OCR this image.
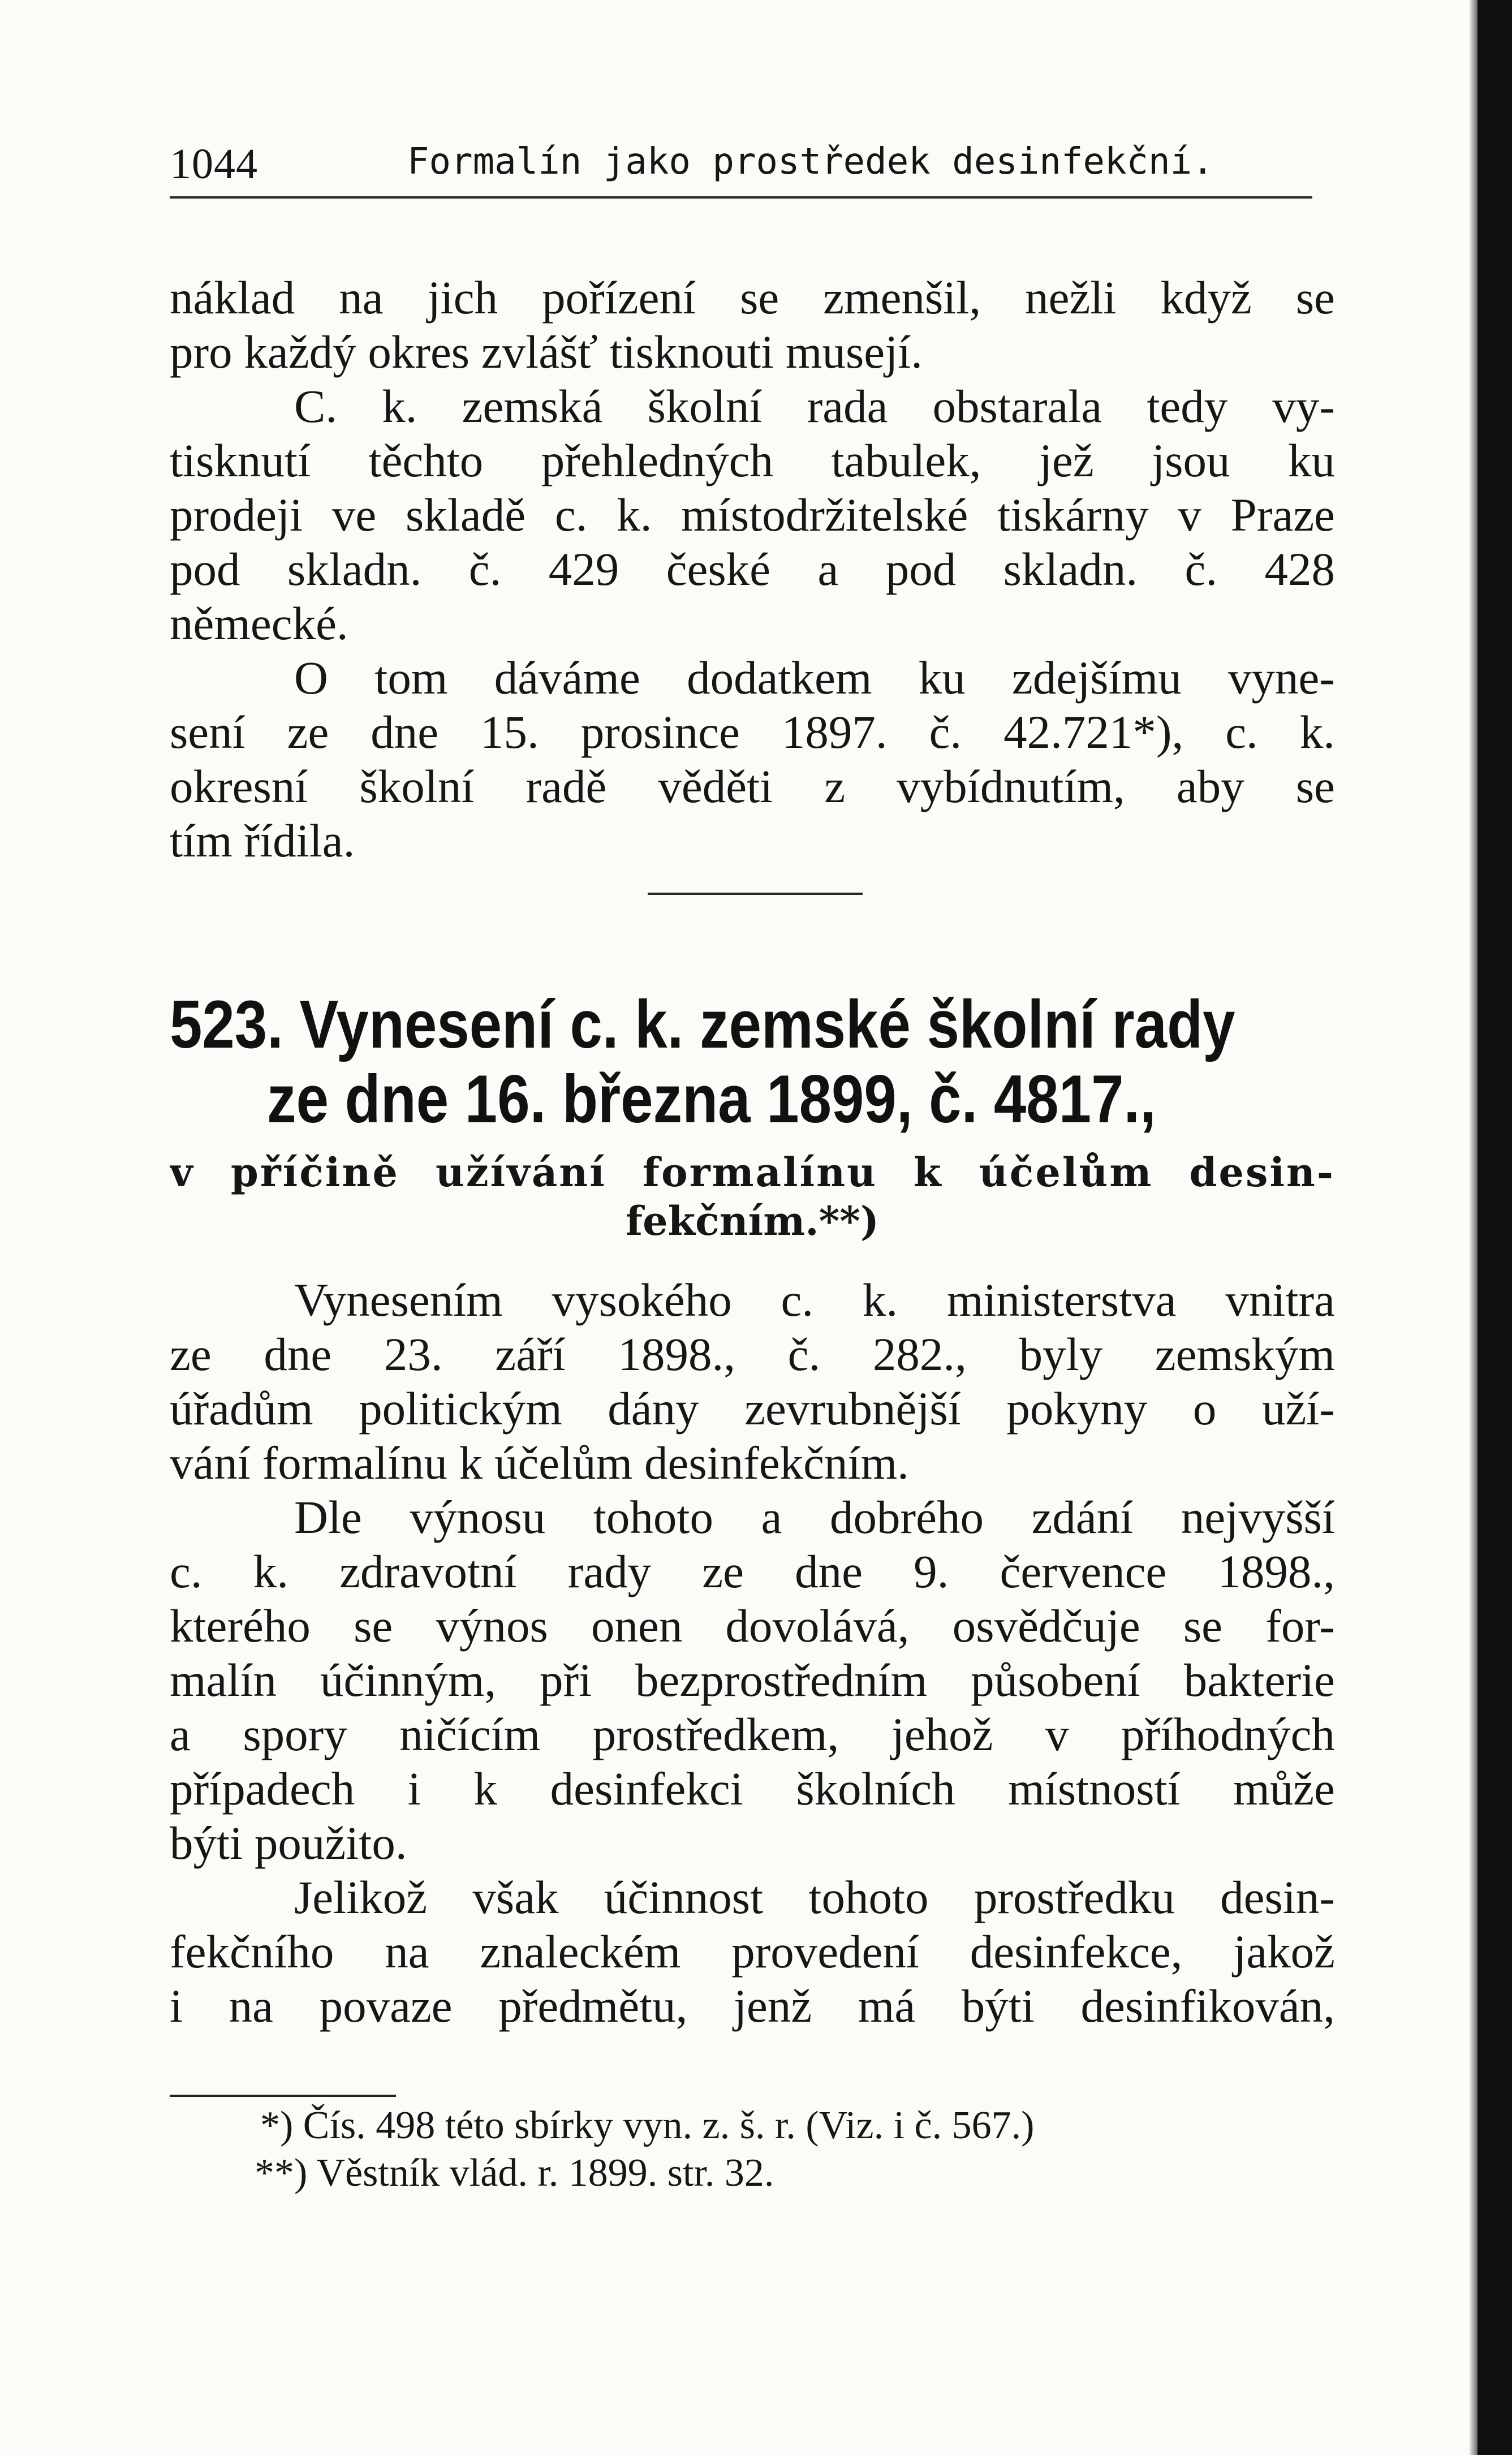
1044	Formalín jako prostředek desinfekční.
náklad na jich pořízení se zmenšil, nežli když se
pro každý okres zvlášť tisknouti musejí.
C. k. zemská školní rada obstarala tedy vy-
tisknutí těchto přehledných tabulek, jež jsou ku
prodeji ve skladě c. k. místodržitelské tiskárny v Praze
pod skladn. č. 429 české a pod skladn. č. 428
německé.
O tom dáváme dodatkem ku zdejšímu vyne-
sení ze dne 15. prosince 1897. č. 42.721*), c. k.
okresní školní radě věděti z vybídnutím, aby se
tím řídila.
523. Vynesení c. k. zemské školní rady
ze dne 16. března 1899, č. 4817.,
v příčině užívání formalínu k účelům desin-
fekčním.**)
Vynesením vysokého c. k. ministerstva vnitra
ze dne 23. září 1898., č. 282., byly zemským
úřadům politickým dány zevrubnější pokyny o uží-
vání formalínu k účelům desinfekčním.
Dle výnosu tohoto a dobrého zdání nejvyšší
c. k. zdravotní rady ze dne 9. července 1898.,
kterého se výnos onen dovolává, osvědčuje se for-
malín účinným, při bezprostředním působení bakterie
a spory ničícím prostředkem, jehož v příhodných
případech i k desinfekci školních místností může
býti použito.
Jelikož však účinnost tohoto prostředku desin-
fekčního na znaleckém provedení desinfekce, jakož
i na povaze předmětu, jenž má býti desinfikován,
*) Čís. 498 této sbírky vyn. z. š. r. (Viz. i č. 567.)
**) Věstník vlád. r. 1899. str. 32.
